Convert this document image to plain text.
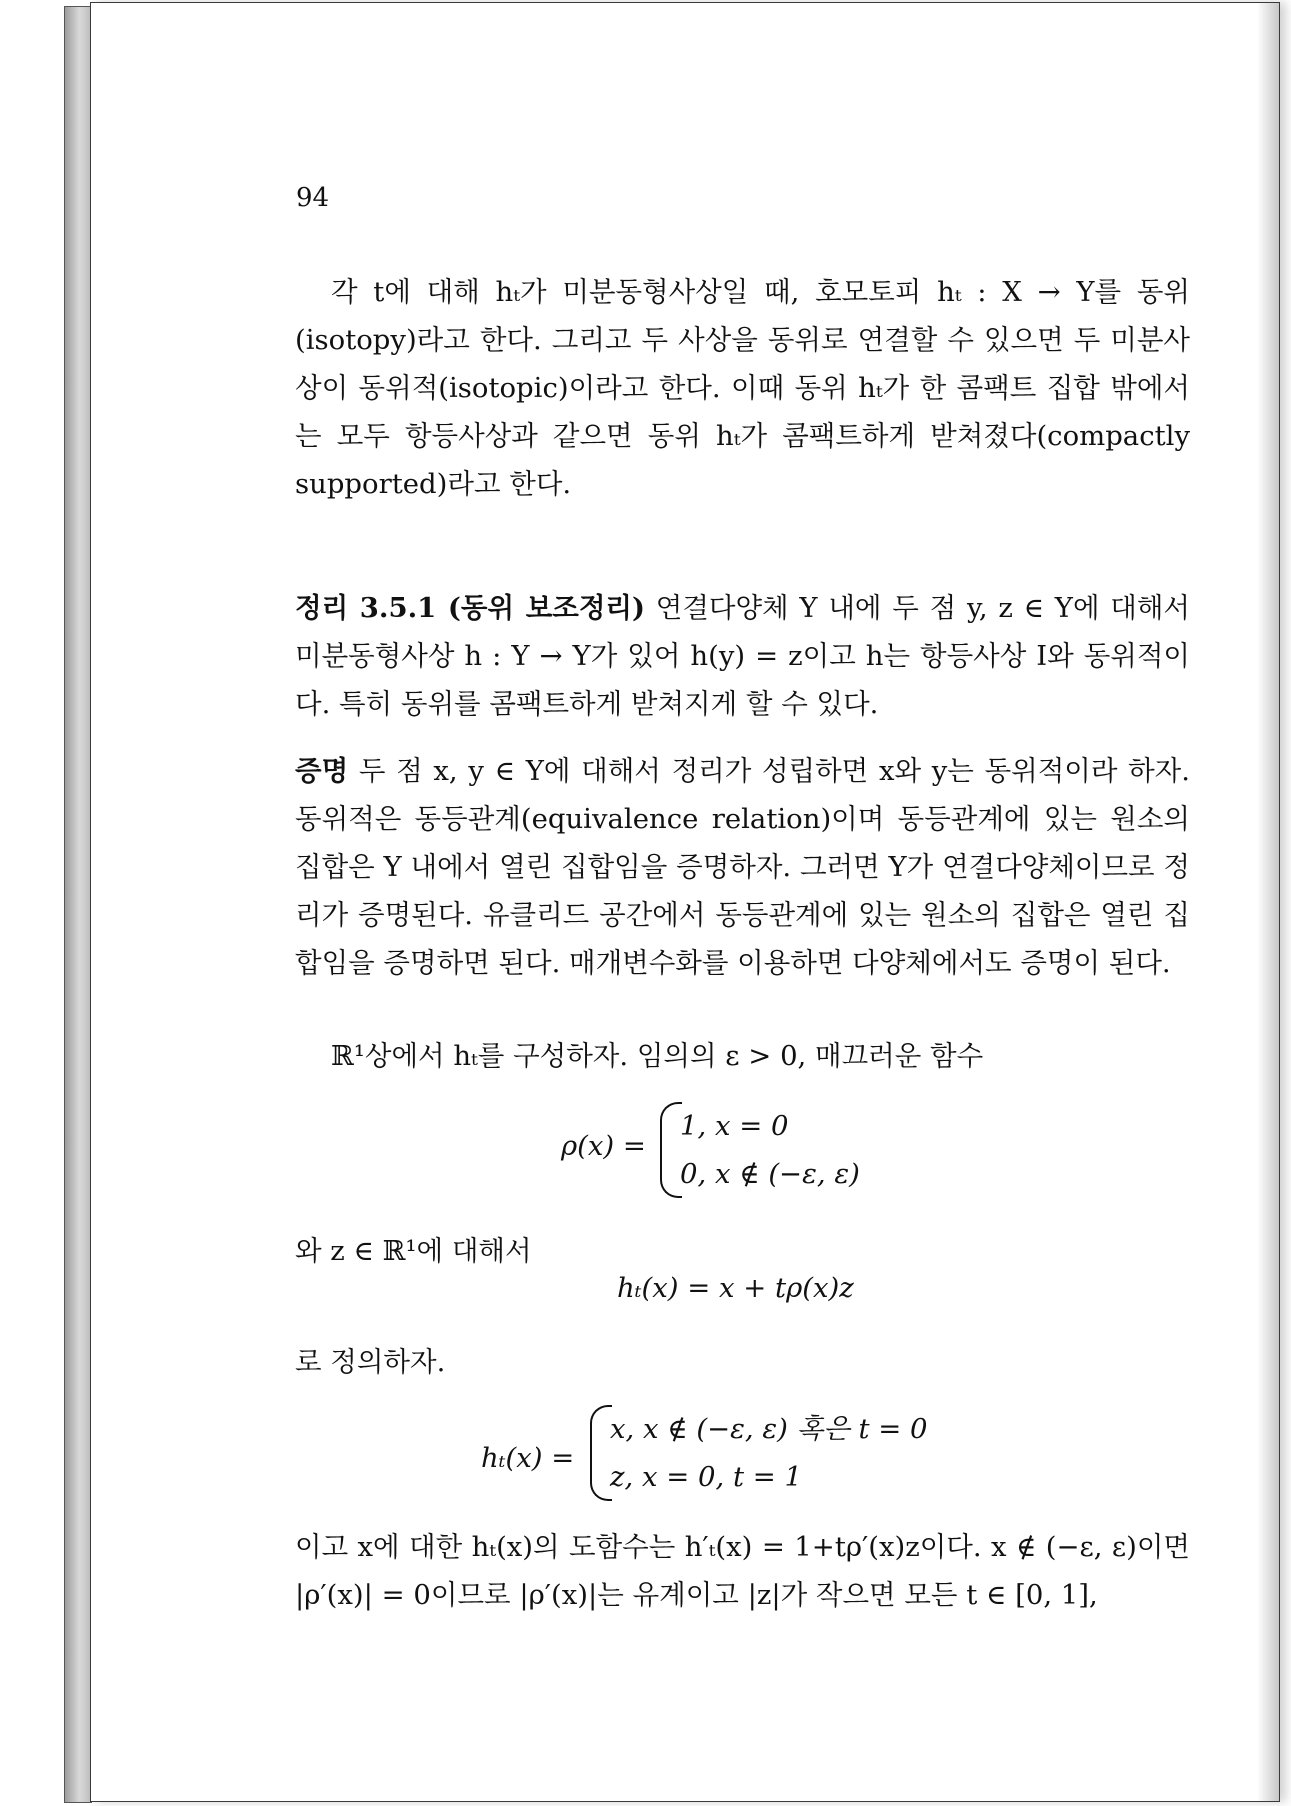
94

각 t에 대해 hₜ가 미분동형사상일 때, 호모토피 hₜ : X → Y를 동위(isotopy)라고 한다. 그리고 두 사상을 동위로 연결할 수 있으면 두 미분사상이 동위적(isotopic)이라고 한다. 이때 동위 hₜ가 한 콤팩트 집합 밖에서는 모두 항등사상과 같으면 동위 hₜ가 콤팩트하게 받쳐졌다(compactly supported)라고 한다.

정리 3.5.1 (동위 보조정리) 연결다양체 Y 내에 두 점 y, z ∈ Y에 대해서 미분동형사상 h : Y → Y가 있어 h(y) = z이고 h는 항등사상 I와 동위적이다. 특히 동위를 콤팩트하게 받쳐지게 할 수 있다.

증명 두 점 x, y ∈ Y에 대해서 정리가 성립하면 x와 y는 동위적이라 하자. 동위적은 동등관계(equivalence relation)이며 동등관계에 있는 원소의 집합은 Y 내에서 열린 집합임을 증명하자. 그러면 Y가 연결다양체이므로 정리가 증명된다. 유클리드 공간에서 동등관계에 있는 원소의 집합은 열린 집합임을 증명하면 된다. 매개변수화를 이용하면 다양체에서도 증명이 된다.

ℝ¹상에서 hₜ를 구성하자. 임의의 ε > 0, 매끄러운 함수

ρ(x) =
1, x = 0
0, x ∉ (−ε, ε)

와 z ∈ ℝ¹에 대해서

hₜ(x) = x + tρ(x)z

로 정의하자.

hₜ(x) =
x, x ∉ (−ε, ε) 혹은 t = 0
z, x = 0, t = 1

이고 x에 대한 hₜ(x)의 도함수는 h′ₜ(x) = 1+tρ′(x)z이다. x ∉ (−ε, ε)이면 |ρ′(x)| = 0이므로 |ρ′(x)|는 유계이고 |z|가 작으면 모든 t ∈ [0, 1],
